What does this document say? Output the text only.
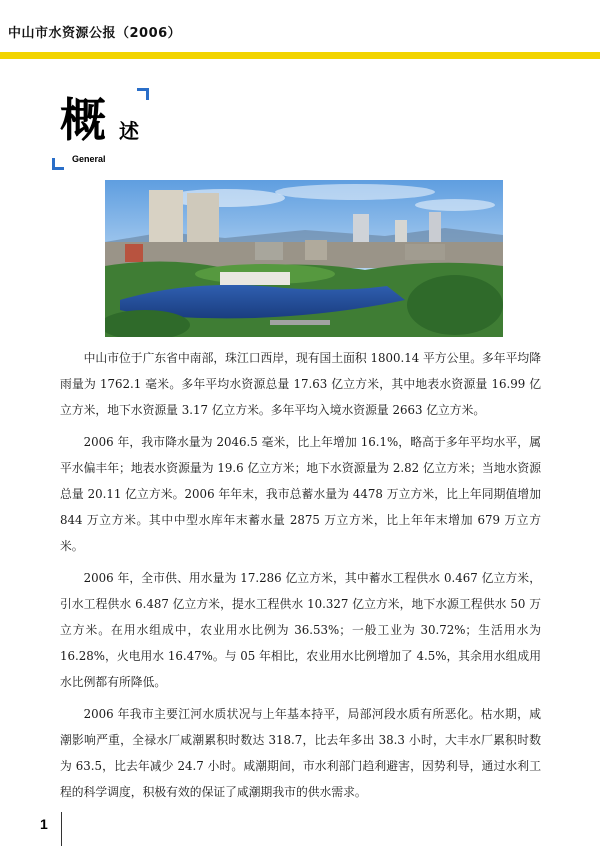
中山市水资源公报（2006）
概 述
General

中山市位于广东省中南部，珠江口西岸，现有国土面积 1800.14 平方公里。多年平均降雨量为 1762.1 毫米。多年平均水资源总量 17.63 亿立方米，其中地表水资源量 16.99 亿立方米，地下水资源量 3.17 亿立方米。多年平均入境水资源量 2663 亿立方米。

2006 年，我市降水量为 2046.5 毫米，比上年增加 16.1%，略高于多年平均水平，属平水偏丰年；地表水资源量为 19.6 亿立方米；地下水资源量为 2.82 亿立方米；当地水资源总量 20.11 亿立方米。2006 年年末，我市总蓄水量为 4478 万立方米，比上年同期值增加 844 万立方米。其中中型水库年末蓄水量 2875 万立方米，比上年年末增加 679 万立方米。

2006 年，全市供、用水量为 17.286 亿立方米，其中蓄水工程供水 0.467 亿立方米，引水工程供水 6.487 亿立方米，提水工程供水 10.327 亿立方米，地下水源工程供水 50 万立方米。在用水组成中，农业用水比例为 36.53%；一般工业为 30.72%；生活用水为 16.28%，火电用水 16.47%。与 05 年相比，农业用水比例增加了 4.5%，其余用水组成用水比例都有所降低。

2006 年我市主要江河水质状况与上年基本持平，局部河段水质有所恶化。枯水期，咸潮影响严重，全禄水厂咸潮累积时数达 318.7，比去年多出 38.3 小时，大丰水厂累积时数为 63.5，比去年减少 24.7 小时。咸潮期间，市水利部门趋利避害，因势利导，通过水利工程的科学调度，积极有效的保证了咸潮期我市的供水需求。

1
